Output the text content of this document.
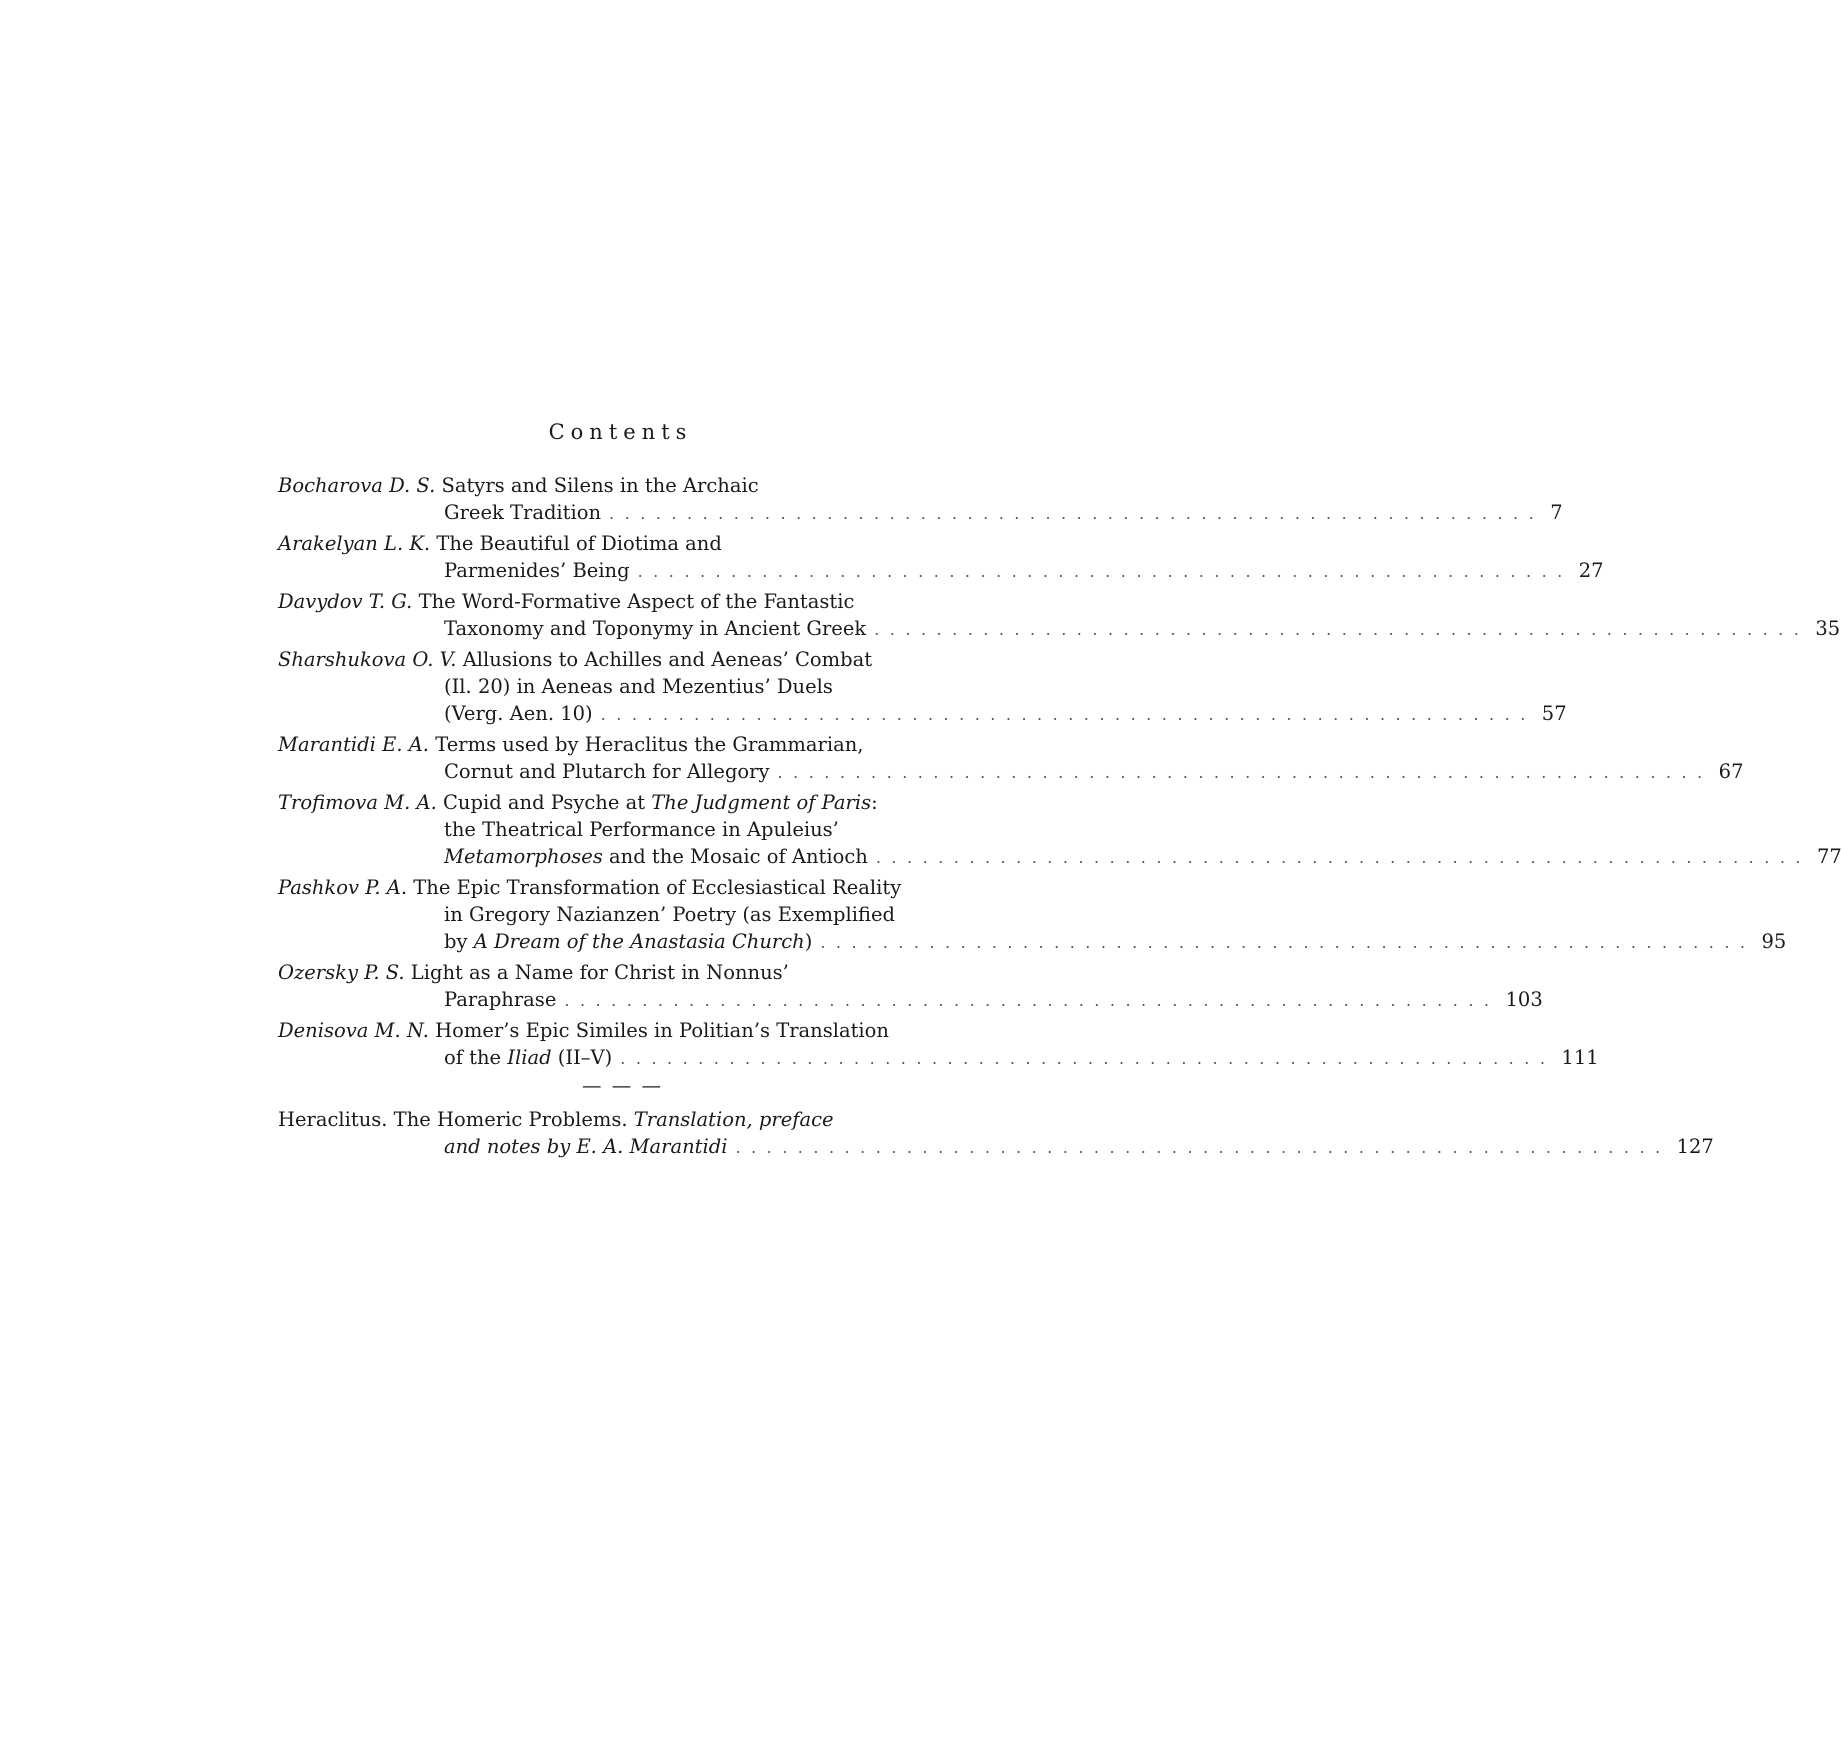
Contents
Bocharova D. S. Satyrs and Silens in the Archaic
Greek Tradition ............................................................ 7
Arakelyan L. K. The Beautiful of Diotima and
Parmenides’ Being ............................................................ 27
Davydov T. G. The Word-Formative Aspect of the Fantastic
Taxonomy and Toponymy in Ancient Greek ............................................................ 35
Sharshukova O. V. Allusions to Achilles and Aeneas’ Combat
(Il. 20) in Aeneas and Mezentius’ Duels
(Verg. Aen. 10) ............................................................ 57
Marantidi E. A. Terms used by Heraclitus the Grammarian,
Cornut and Plutarch for Allegory ............................................................ 67
Trofimova M. A. Cupid and Psyche at The Judgment of Paris:
the Theatrical Performance in Apuleius’
Metamorphoses and the Mosaic of Antioch ............................................................ 77
Pashkov P. A. The Epic Transformation of Ecclesiastical Reality
in Gregory Nazianzen’ Poetry (as Exemplified
by A Dream of the Anastasia Church) ............................................................ 95
Ozersky P. S. Light as a Name for Christ in Nonnus’
Paraphrase ............................................................ 103
Denisova M. N. Homer’s Epic Similes in Politian’s Translation
of the Iliad (II–V) ............................................................ 111
— — —
Heraclitus. The Homeric Problems. Translation, preface
and notes by E. A. Marantidi ............................................................ 127
